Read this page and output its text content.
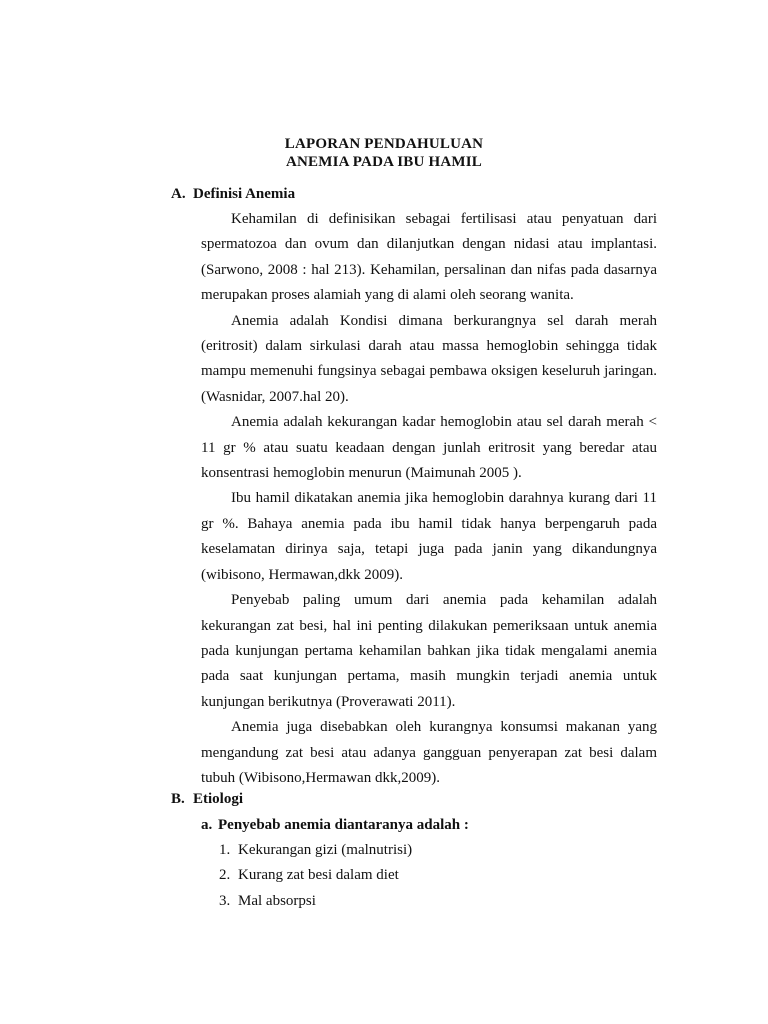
LAPORAN PENDAHULUAN
ANEMIA PADA IBU HAMIL
A. Definisi Anemia

Kehamilan di definisikan sebagai fertilisasi atau penyatuan dari spermatozoa dan ovum dan dilanjutkan dengan nidasi atau implantasi. (Sarwono, 2008 : hal 213). Kehamilan, persalinan dan nifas pada dasarnya merupakan proses alamiah yang di alami oleh seorang wanita.

Anemia adalah Kondisi dimana berkurangnya sel darah merah (eritrosit) dalam sirkulasi darah atau massa hemoglobin sehingga tidak mampu memenuhi fungsinya sebagai pembawa oksigen keseluruh jaringan.(Wasnidar, 2007.hal 20).

Anemia adalah kekurangan kadar hemoglobin atau sel darah merah < 11 gr % atau suatu keadaan dengan junlah eritrosit yang beredar atau konsentrasi hemoglobin menurun (Maimunah 2005 ).

Ibu hamil dikatakan anemia jika hemoglobin darahnya kurang dari 11 gr %. Bahaya anemia pada ibu hamil tidak hanya berpengaruh pada keselamatan dirinya saja, tetapi juga pada janin yang dikandungnya (wibisono, Hermawan,dkk 2009).

Penyebab paling umum dari anemia pada kehamilan adalah kekurangan zat besi, hal ini penting dilakukan pemeriksaan untuk anemia pada kunjungan pertama kehamilan bahkan jika tidak mengalami anemia pada saat kunjungan pertama, masih mungkin terjadi anemia untuk kunjungan berikutnya (Proverawati 2011).

Anemia juga disebabkan oleh kurangnya konsumsi makanan yang mengandung zat besi atau adanya gangguan penyerapan zat besi dalam tubuh (Wibisono,Hermawan dkk,2009).

B. Etiologi
a. Penyebab anemia diantaranya adalah :
1. Kekurangan gizi (malnutrisi)
2. Kurang zat besi dalam diet
3. Mal absorpsi
